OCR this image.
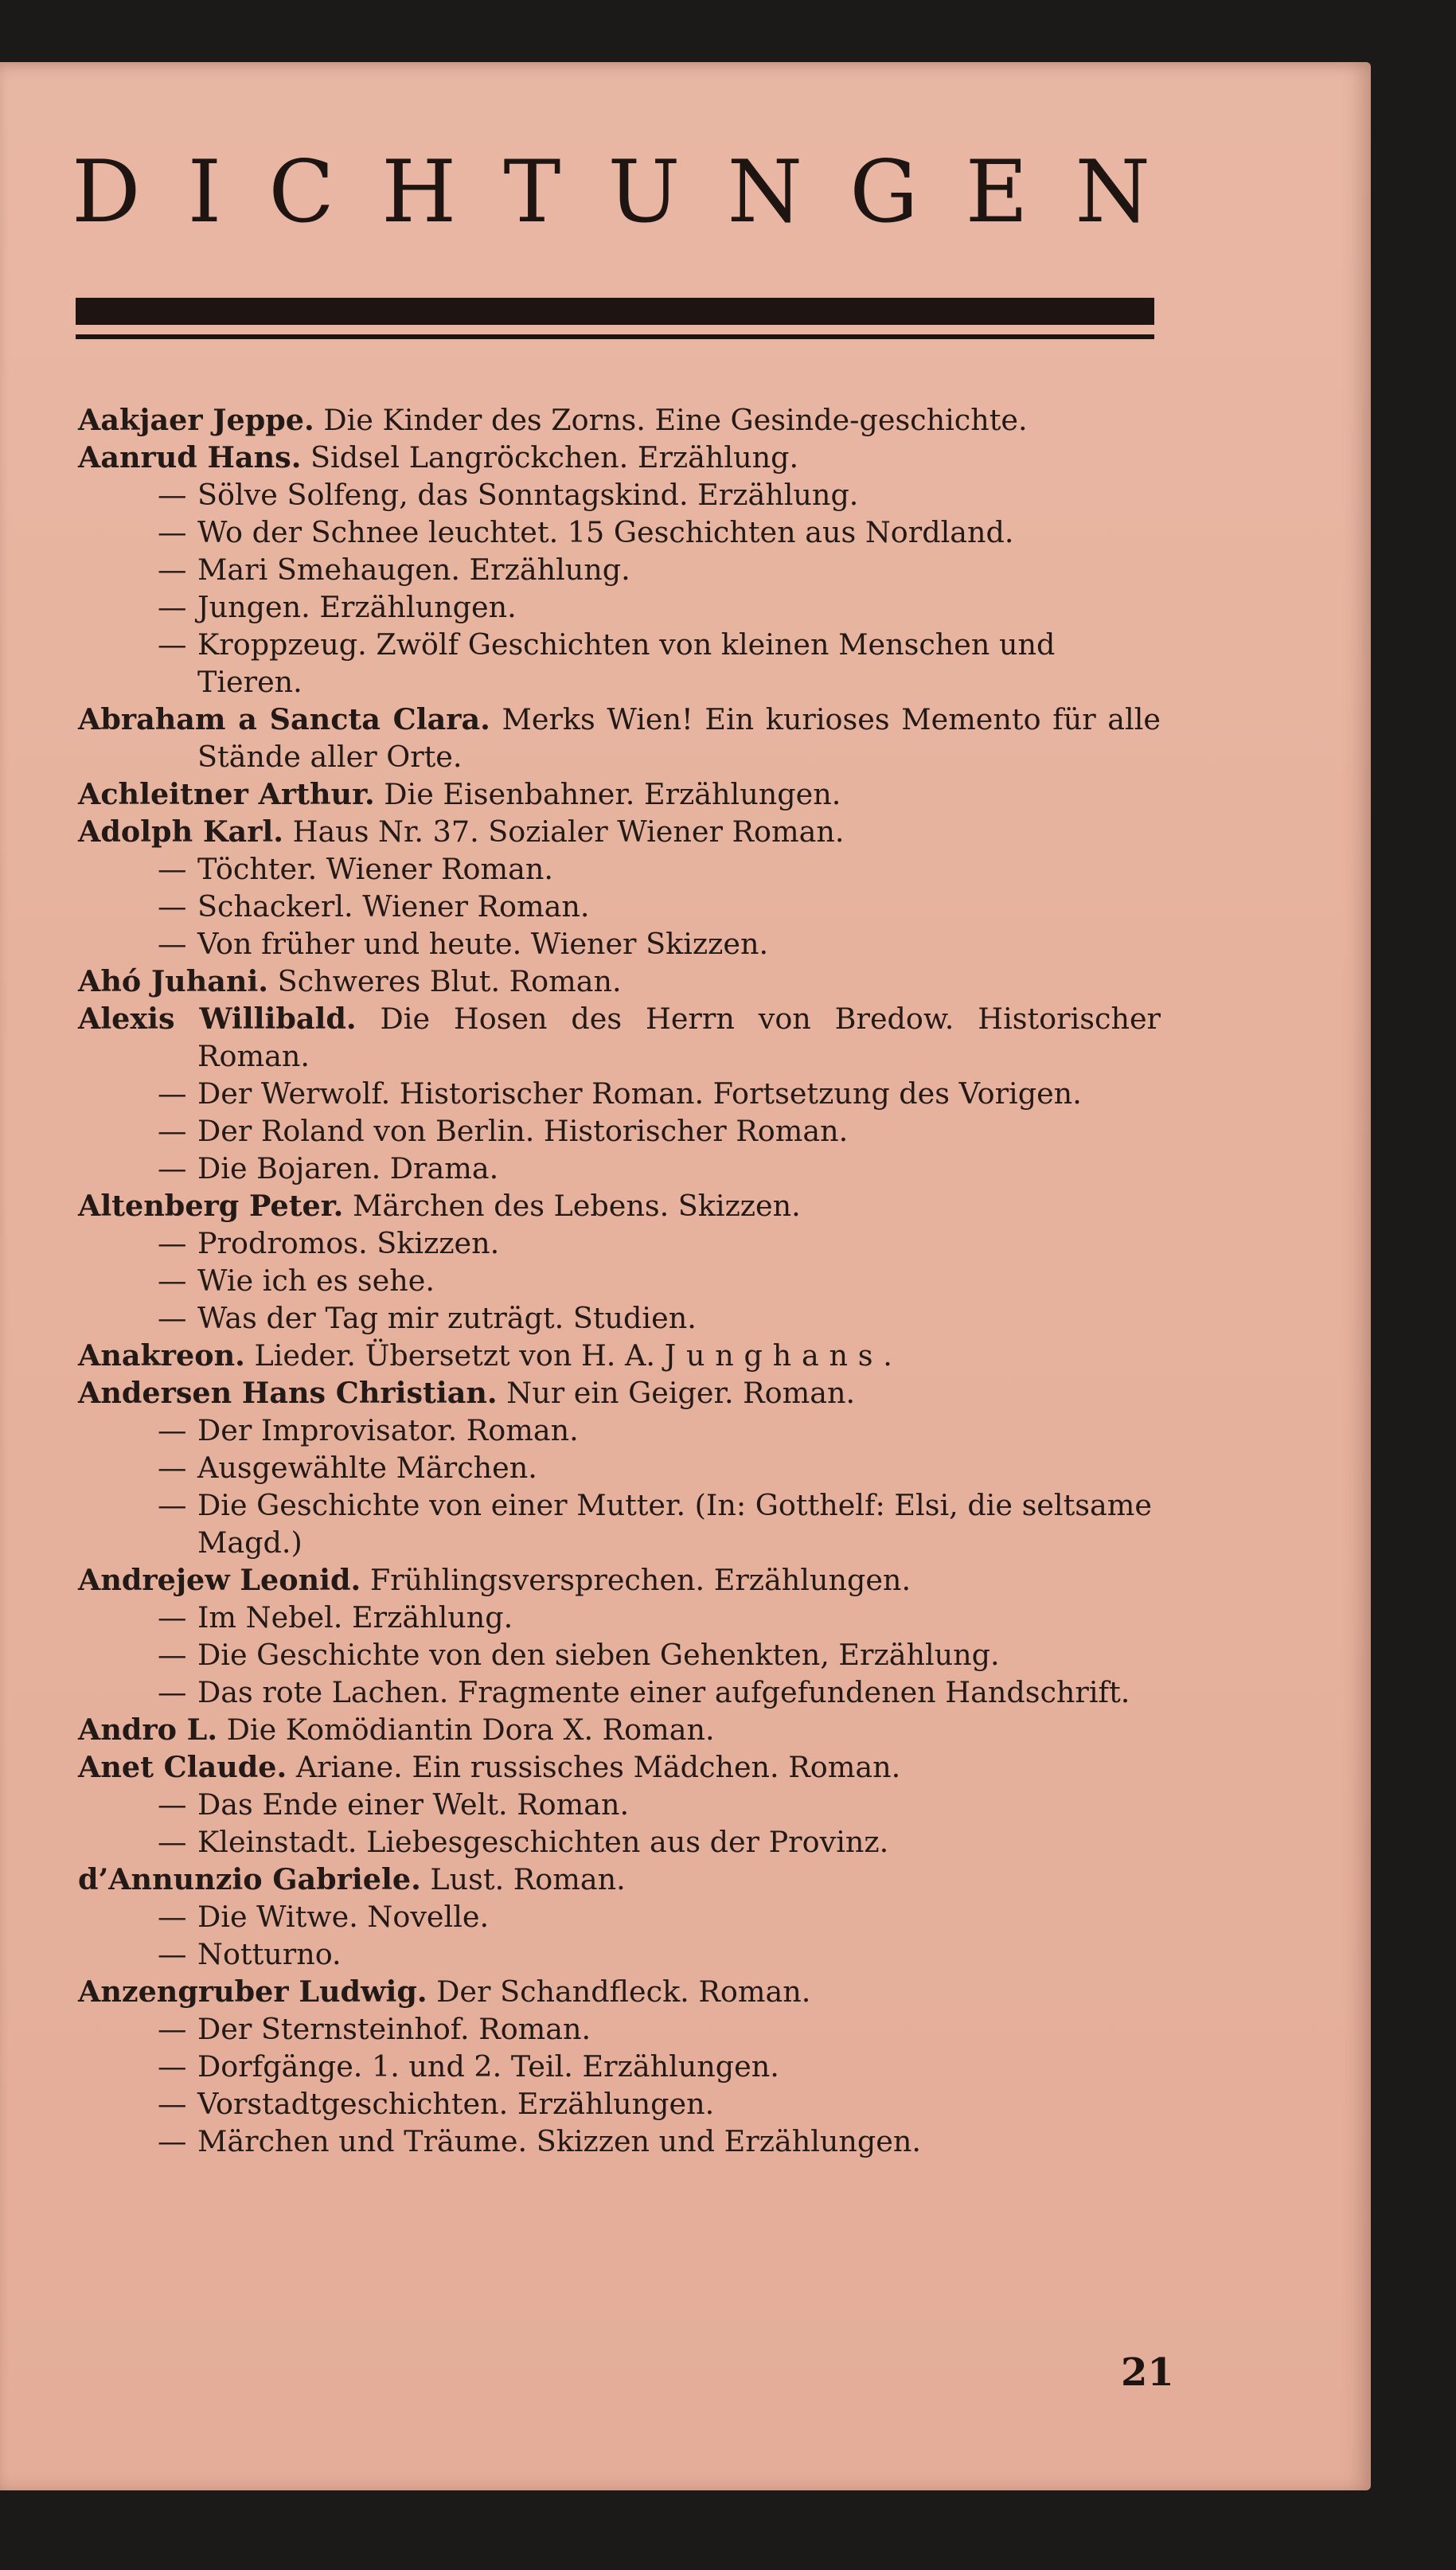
D I C H T U N G E N
Aakjaer Jeppe. Die Kinder des Zorns. Eine Gesinde-geschichte.
Aanrud Hans. Sidsel Langröckchen. Erzählung.
— Sölve Solfeng, das Sonntagskind. Erzählung.
— Wo der Schnee leuchtet. 15 Geschichten aus Nordland.
— Mari Smehaugen. Erzählung.
— Jungen. Erzählungen.
— Kroppzeug. Zwölf Geschichten von kleinen Menschen und Tieren.
Abraham a Sancta Clara. Merks Wien! Ein kurioses Memento für alle Stände aller Orte.
Achleitner Arthur. Die Eisenbahner. Erzählungen.
Adolph Karl. Haus Nr. 37. Sozialer Wiener Roman.
— Töchter. Wiener Roman.
— Schackerl. Wiener Roman.
— Von früher und heute. Wiener Skizzen.
Ahó Juhani. Schweres Blut. Roman.
Alexis Willibald. Die Hosen des Herrn von Bredow. Historischer Roman.
— Der Werwolf. Historischer Roman. Fortsetzung des Vorigen.
— Der Roland von Berlin. Historischer Roman.
— Die Bojaren. Drama.
Altenberg Peter. Märchen des Lebens. Skizzen.
— Prodromos. Skizzen.
— Wie ich es sehe.
— Was der Tag mir zuträgt. Studien.
Anakreon. Lieder. Übersetzt von H. A. Junghans.
Andersen Hans Christian. Nur ein Geiger. Roman.
— Der Improvisator. Roman.
— Ausgewählte Märchen.
— Die Geschichte von einer Mutter. (In: Gotthelf: Elsi, die seltsame Magd.)
Andrejew Leonid. Frühlingsversprechen. Erzählungen.
— Im Nebel. Erzählung.
— Die Geschichte von den sieben Gehenkten, Erzählung.
— Das rote Lachen. Fragmente einer aufgefundenen Handschrift.
Andro L. Die Komödiantin Dora X. Roman.
Anet Claude. Ariane. Ein russisches Mädchen. Roman.
— Das Ende einer Welt. Roman.
— Kleinstadt. Liebesgeschichten aus der Provinz.
d’Annunzio Gabriele. Lust. Roman.
— Die Witwe. Novelle.
— Notturno.
Anzengruber Ludwig. Der Schandfleck. Roman.
— Der Sternsteinhof. Roman.
— Dorfgänge. 1. und 2. Teil. Erzählungen.
— Vorstadtgeschichten. Erzählungen.
— Märchen und Träume. Skizzen und Erzählungen.
21
